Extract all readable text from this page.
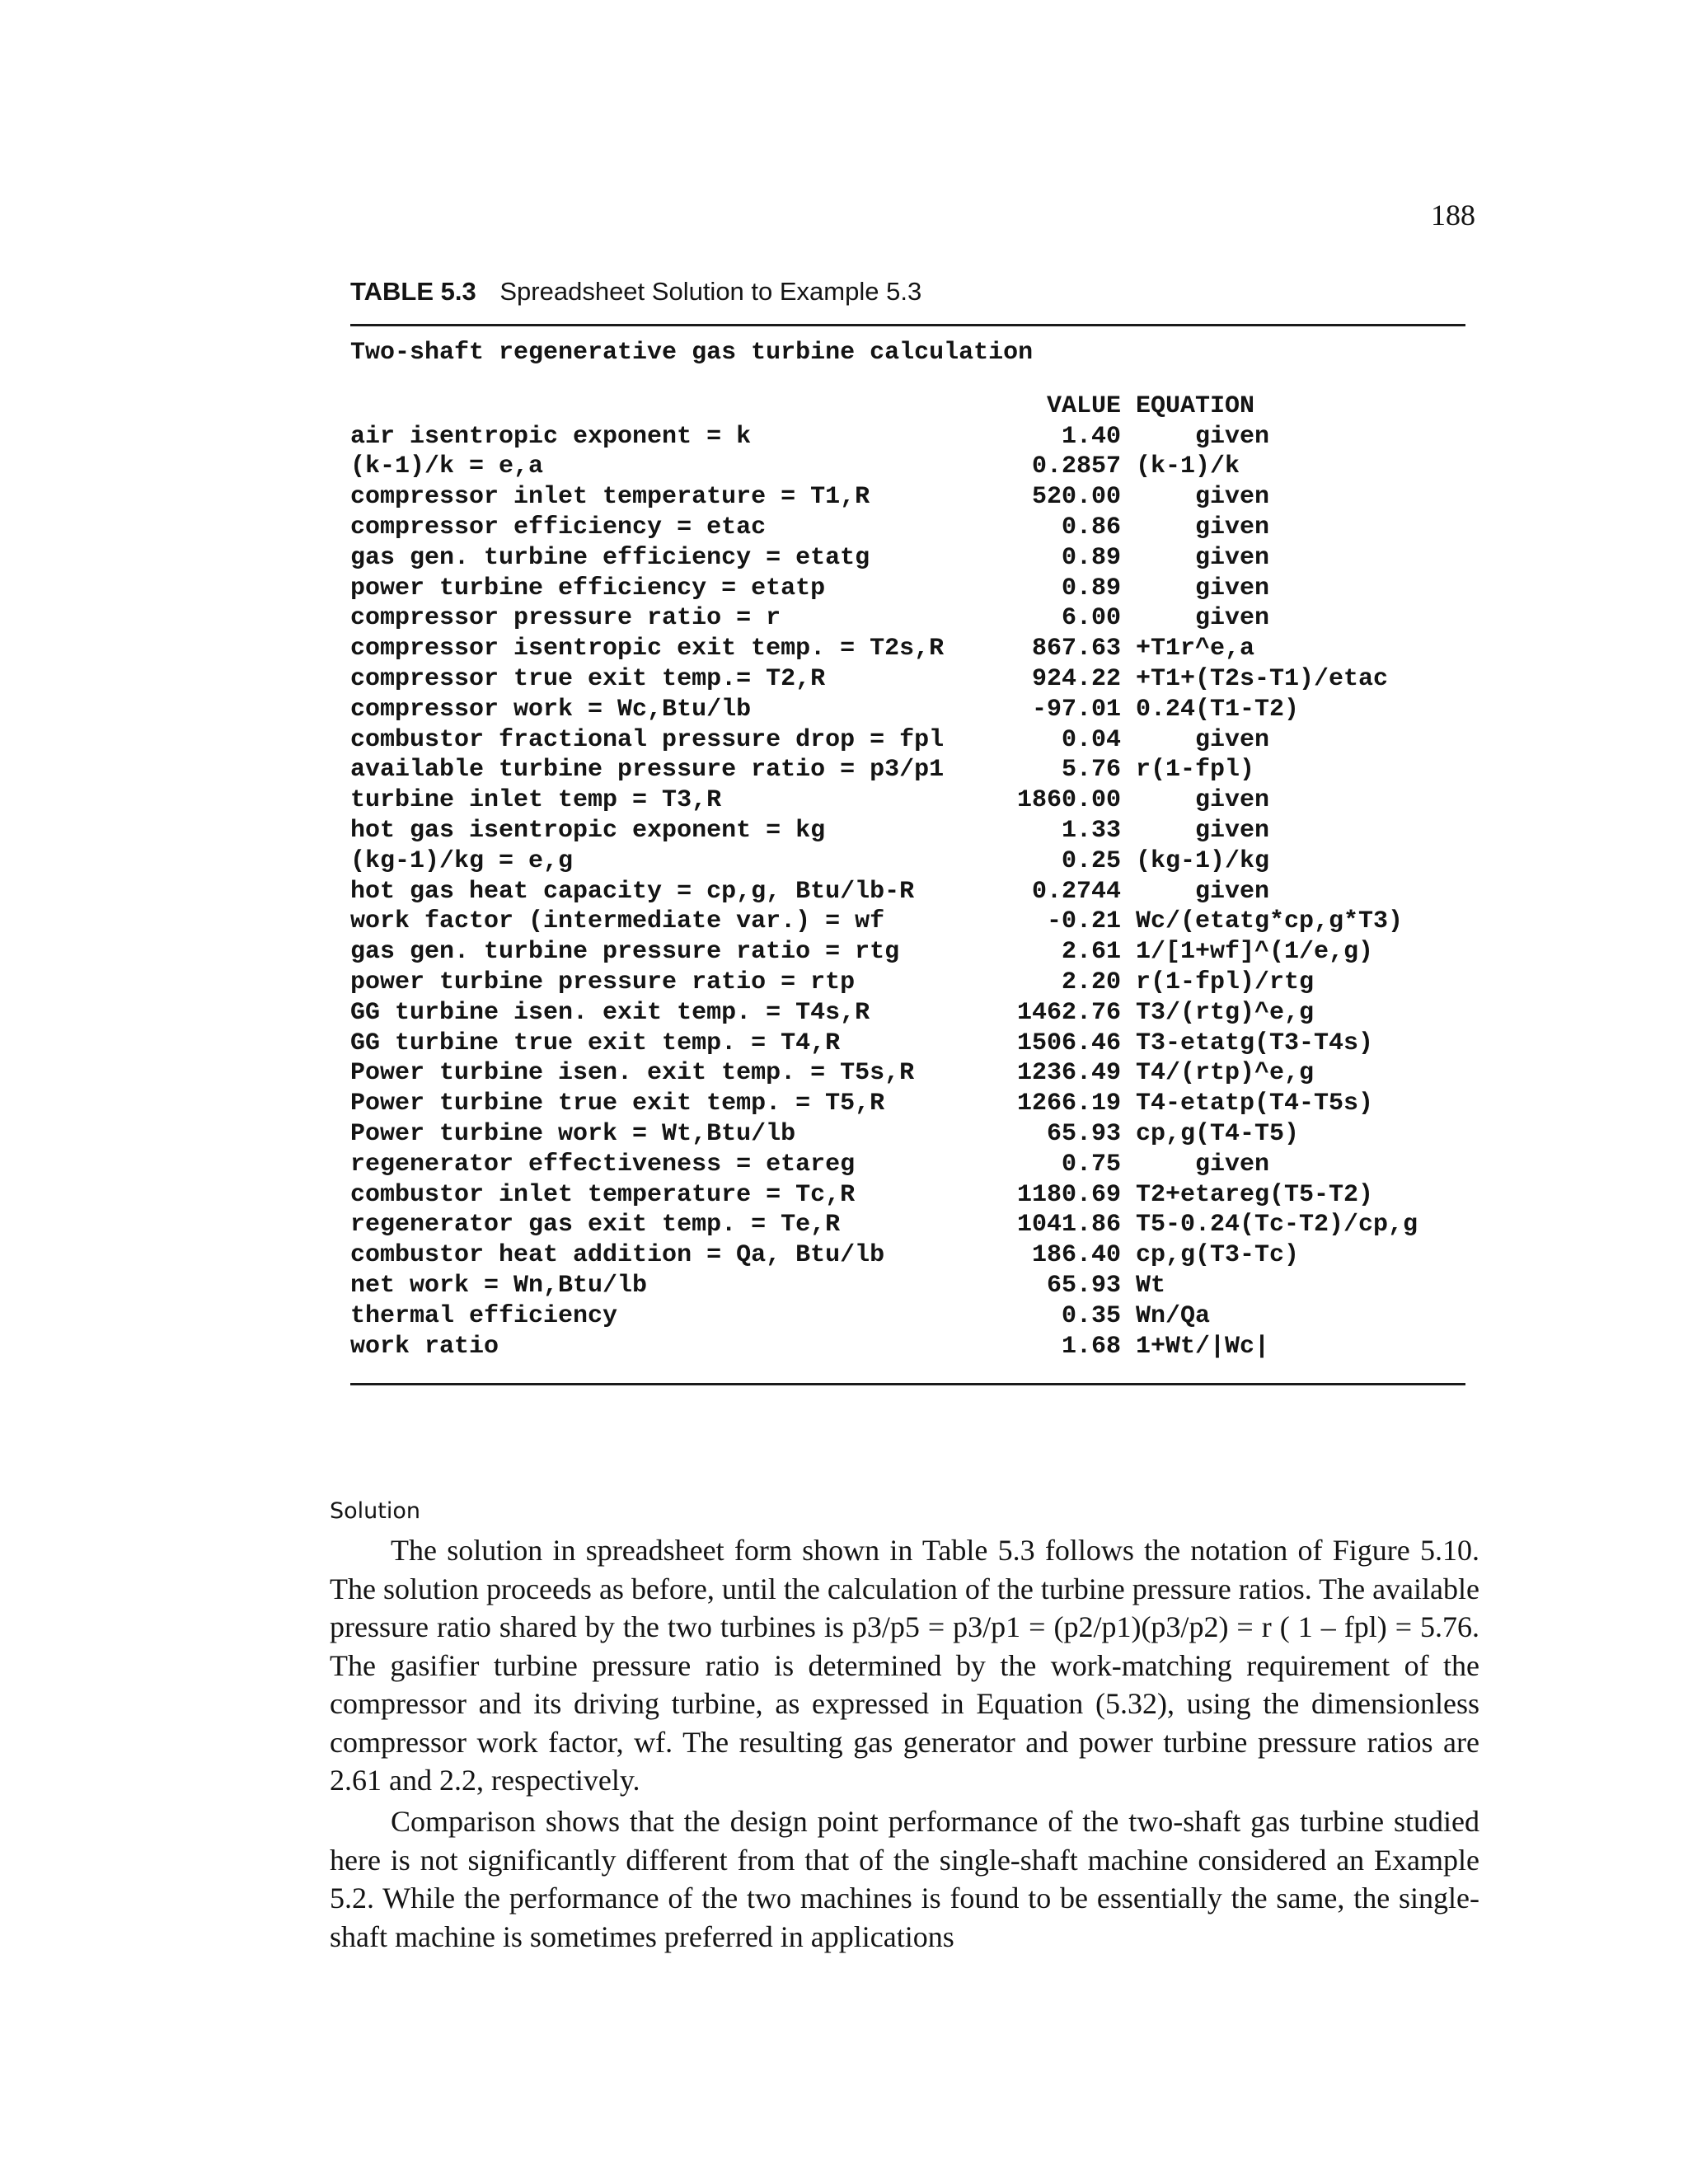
188
TABLE 5.3 Spreadsheet Solution to Example 5.3
Two-shaft regenerative gas turbine calculation
VALUE EQUATION
air isentropic exponent = k	1.40	given
(k-1)/k = e,a	0.2857 (k-1)/k
compressor inlet temperature = T1,R	520.00	given
compressor efficiency = etac	0.86	given
gas gen. turbine efficiency = etatg	0.89	given
power turbine efficiency = etatp	0.89	given
compressor pressure ratio = r	6.00	given
compressor isentropic exit temp. = T2s,R	867.63 +T1r^e,a
compressor true exit temp.= T2,R	924.22 +T1+(T2s-T1)/etac
compressor work = Wc,Btu/lb	-97.01 0.24(T1-T2)
combustor fractional pressure drop = fpl	0.04	given
available turbine pressure ratio = p3/p1	5.76 r(1-fpl)
turbine inlet temp = T3,R	1860.00	given
hot gas isentropic exponent = kg	1.33	given
(kg-1)/kg = e,g	0.25 (kg-1)/kg
hot gas heat capacity = cp,g, Btu/lb-R	0.2744	given
work factor (intermediate var.) = wf	-0.21 Wc/(etatg*cp,g*T3)
gas gen. turbine pressure ratio = rtg	2.61 1/[1+wf]^(1/e,g)
power turbine pressure ratio = rtp	2.20 r(1-fpl)/rtg
GG turbine isen. exit temp. = T4s,R	1462.76 T3/(rtg)^e,g
GG turbine true exit temp. = T4,R	1506.46 T3-etatg(T3-T4s)
Power turbine isen. exit temp. = T5s,R	1236.49 T4/(rtp)^e,g
Power turbine true exit temp. = T5,R	1266.19 T4-etatp(T4-T5s)
Power turbine work = Wt,Btu/lb	65.93 cp,g(T4-T5)
regenerator effectiveness = etareg	0.75	given
combustor inlet temperature = Tc,R	1180.69 T2+etareg(T5-T2)
regenerator gas exit temp. = Te,R	1041.86 T5-0.24(Tc-T2)/cp,g
combustor heat addition = Qa, Btu/lb	186.40 cp,g(T3-Tc)
net work = Wn,Btu/lb	65.93 Wt
thermal efficiency	0.35 Wn/Qa
work ratio	1.68 1+Wt/|Wc|
Solution

The solution in spreadsheet form shown in Table 5.3 follows the notation of Figure 5.10. The solution proceeds as before, until the calculation of the turbine pressure ratios. The available pressure ratio shared by the two turbines is p3/p5 = p3/p1 = (p2/p1)(p3/p2) = r ( 1 – fpl) = 5.76. The gasifier turbine pressure ratio is determined by the work-matching requirement of the compressor and its driving turbine, as expressed in Equation (5.32), using the dimensionless compressor work factor, wf. The resulting gas generator and power turbine pressure ratios are 2.61 and 2.2, respectively.

Comparison shows that the design point performance of the two-shaft gas turbine studied here is not significantly different from that of the single-shaft machine considered an Example 5.2. While the performance of the two machines is found to be essentially the same, the single-shaft machine is sometimes preferred in applications
